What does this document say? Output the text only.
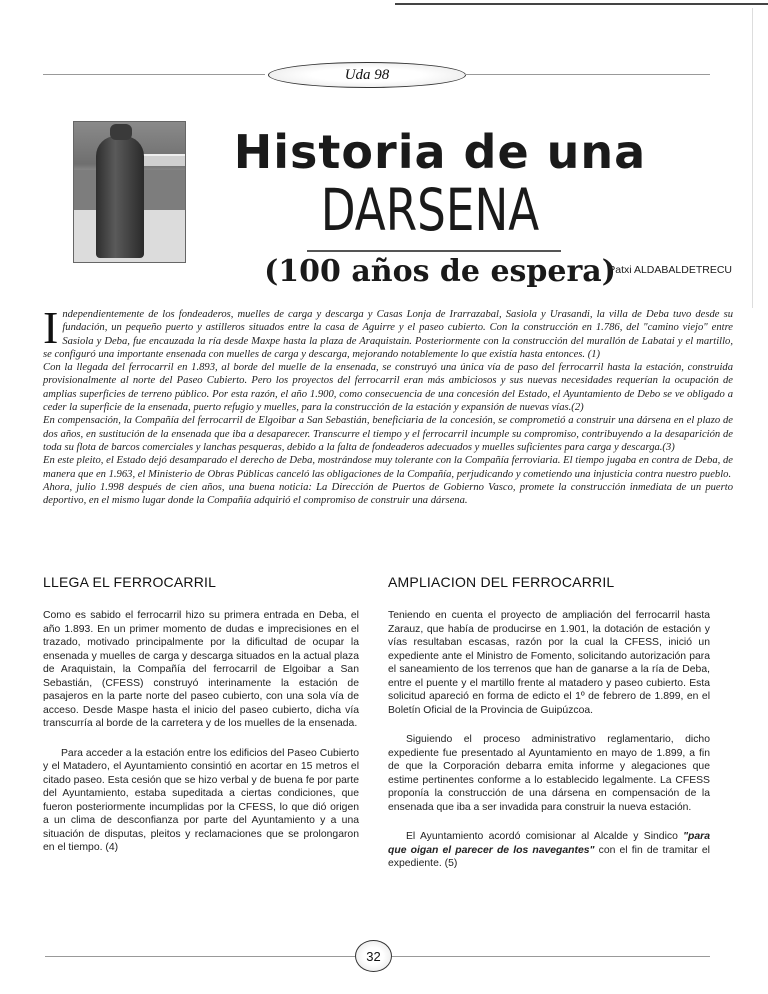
Uda 98
Historia de una
DARSENA
(100 años de espera)
Patxi ALDABALDETRECU
I ndependientemente de los fondeaderos, muelles de carga y descarga y Casas Lonja de Irarrazabal, Sasiola y Urasandi, la villa de Deba tuvo desde su fundación, un pequeño puerto y astilleros situados entre la casa de Aguirre y el paseo cubierto. Con la construcción en 1.786, del "camino viejo" entre Sasiola y Deba, fue encauzada la ría desde Maxpe hasta la plaza de Araquistain. Posteriormente con la construcción del murallón de Labatai y el martillo, se configuró una importante ensenada con muelles de carga y descarga, mejorando notablemente lo que existía hasta entonces. (1)

Con la llegada del ferrocarril en 1.893, al borde del muelle de la ensenada, se construyó una única vía de paso del ferrocarril hasta la estación, construida provisionalmente al norte del Paseo Cubierto. Pero los proyectos del ferrocarril eran más ambiciosos y sus nuevas necesidades requerían la ocupación de amplias superficies de terreno público. Por esta razón, el año 1.900, como consecuencia de una concesión del Estado, el Ayuntamiento de Debo se ve obligado a ceder la superficie de la ensenada, puerto refugio y muelles, para la construcción de la estación y expansión de nuevas vías.(2)

En compensación, la Compañía del ferrocarril de Elgoibar a San Sebastián, beneficiaria de la concesión, se comprometió a construir una dársena en el plazo de dos años, en sustitución de la ensenada que iba a desaparecer. Transcurre el tiempo y el ferrocarril incumple su compromiso, contribuyendo a la desaparición de toda su flota de barcos comerciales y lanchas pesqueras, debido a la falta de fondeaderos adecuados y muelles suficientes para carga y descarga.(3)

En este pleito, el Estado dejó desamparado el derecho de Deba, mostrándose muy tolerante con la Compañía ferroviaria. El tiempo jugaba en contra de Deba, de manera que en 1.963, el Ministerio de Obras Públicas canceló las obligaciones de la Compañía, perjudicando y cometiendo una injusticia contra nuestro pueblo.

Ahora, julio 1.998 después de cien años, una buena noticia: La Dirección de Puertos de Gobierno Vasco, promete la construcción inmediata de un puerto deportivo, en el mismo lugar donde la Compañía adquirió el compromiso de construir una dársena.

LLEGA EL FERROCARRIL

Como es sabido el ferrocarril hizo su primera entrada en Deba, el año 1.893. En un primer momento de dudas e imprecisiones en el trazado, motivado principalmente por la dificultad de ocupar la ensenada y muelles de carga y descarga situados en la actual plaza de Araquistain, la Compañía del ferrocarril de Elgoibar a San Sebastián, (CFESS) construyó interinamente la estación de pasajeros en la parte norte del paseo cubierto, con una sola vía de acceso. Desde Maspe hasta el inicio del paseo cubierto, dicha vía transcurría al borde de la carretera y de los muelles de la ensenada.

Para acceder a la estación entre los edificios del Paseo Cubierto y el Matadero, el Ayuntamiento consintió en acortar en 15 metros el citado paseo. Esta cesión que se hizo verbal y de buena fe por parte del Ayuntamiento, estaba supeditada a ciertas condiciones, que fueron posteriormente incumplidas por la CFESS, lo que dió origen a un clima de desconfianza por parte del Ayuntamiento y a una situación de disputas, pleitos y reclamaciones que se prolongaron en el tiempo. (4)

AMPLIACION DEL FERROCARRIL

Teniendo en cuenta el proyecto de ampliación del ferrocarril hasta Zarauz, que había de producirse en 1.901, la dotación de estación y vías resultaban escasas, razón por la cual la CFESS, inició un expediente ante el Ministro de Fomento, solicitando autorización para el saneamiento de los terrenos que han de ganarse a la ría de Deba, entre el puente y el martillo frente al matadero y paseo cubierto. Esta solicitud apareció en forma de edicto el 1º de febrero de 1.899, en el Boletín Oficial de la Provincia de Guipúzcoa.

Siguiendo el proceso administrativo reglamentario, dicho expediente fue presentado al Ayuntamiento en mayo de 1.899, a fin de que la Corporación debarra emita informe y alegaciones que estime pertinentes conforme a lo establecido legalmente. La CFESS proponía la construcción de una dársena en compensación de la ensenada que iba a ser invadida para construir la nueva estación.

El Ayuntamiento acordó comisionar al Alcalde y Sindico "para que oigan el parecer de los navegantes" con el fin de tramitar el expediente. (5)

32
